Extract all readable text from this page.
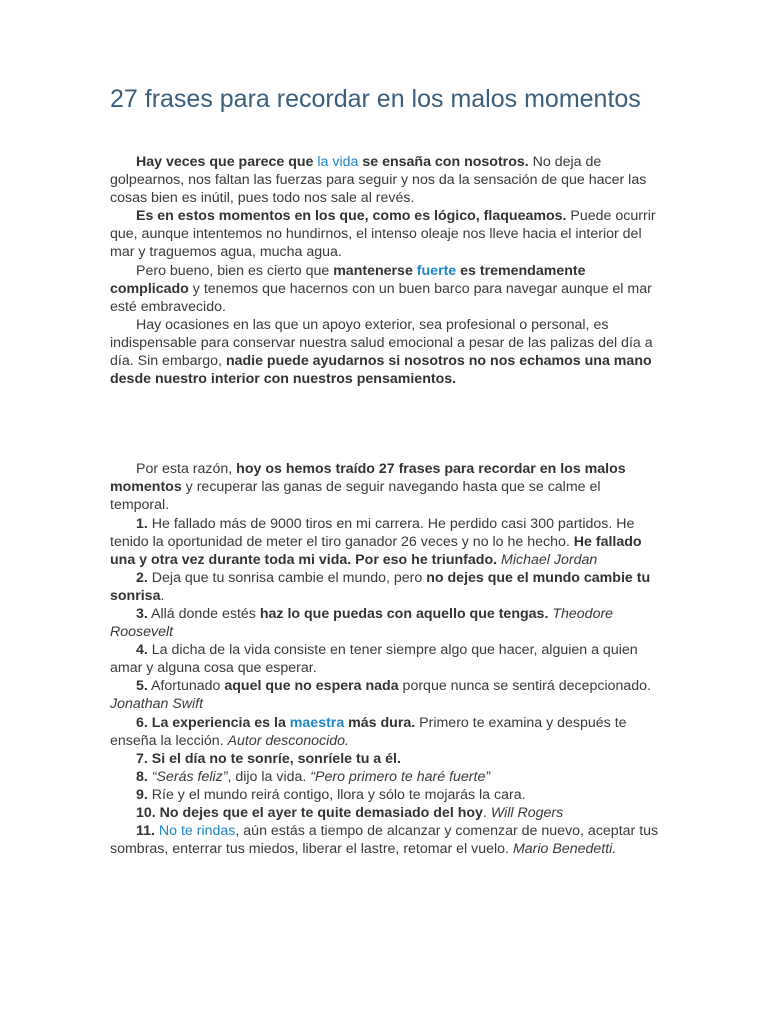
27 frases para recordar en los malos momentos

Hay veces que parece que la vida se ensaña con nosotros. No deja de golpearnos, nos faltan las fuerzas para seguir y nos da la sensación de que hacer las cosas bien es inútil, pues todo nos sale al revés.

Es en estos momentos en los que, como es lógico, flaqueamos. Puede ocurrir que, aunque intentemos no hundirnos, el intenso oleaje nos lleve hacia el interior del mar y traguemos agua, mucha agua.

Pero bueno, bien es cierto que mantenerse fuerte es tremendamente complicado y tenemos que hacernos con un buen barco para navegar aunque el mar esté embravecido.

Hay ocasiones en las que un apoyo exterior, sea profesional o personal, es indispensable para conservar nuestra salud emocional a pesar de las palizas del día a día. Sin embargo, nadie puede ayudarnos si nosotros no nos echamos una mano desde nuestro interior con nuestros pensamientos.

Por esta razón, hoy os hemos traído 27 frases para recordar en los malos momentos y recuperar las ganas de seguir navegando hasta que se calme el temporal.

1. He fallado más de 9000 tiros en mi carrera. He perdido casi 300 partidos. He tenido la oportunidad de meter el tiro ganador 26 veces y no lo he hecho. He fallado una y otra vez durante toda mi vida. Por eso he triunfado. Michael Jordan

2. Deja que tu sonrisa cambie el mundo, pero no dejes que el mundo cambie tu sonrisa.

3. Allá donde estés haz lo que puedas con aquello que tengas. Theodore Roosevelt

4. La dicha de la vida consiste en tener siempre algo que hacer, alguien a quien amar y alguna cosa que esperar.

5. Afortunado aquel que no espera nada porque nunca se sentirá decepcionado. Jonathan Swift

6. La experiencia es la maestra más dura. Primero te examina y después te enseña la lección. Autor desconocido.

7. Si el día no te sonríe, sonríele tu a él.

8. “Serás feliz”, dijo la vida. “Pero primero te haré fuerte”

9. Ríe y el mundo reirá contigo, llora y sólo te mojarás la cara.

10. No dejes que el ayer te quite demasiado del hoy. Will Rogers

11. No te rindas, aún estás a tiempo de alcanzar y comenzar de nuevo, aceptar tus sombras, enterrar tus miedos, liberar el lastre, retomar el vuelo. Mario Benedetti.
